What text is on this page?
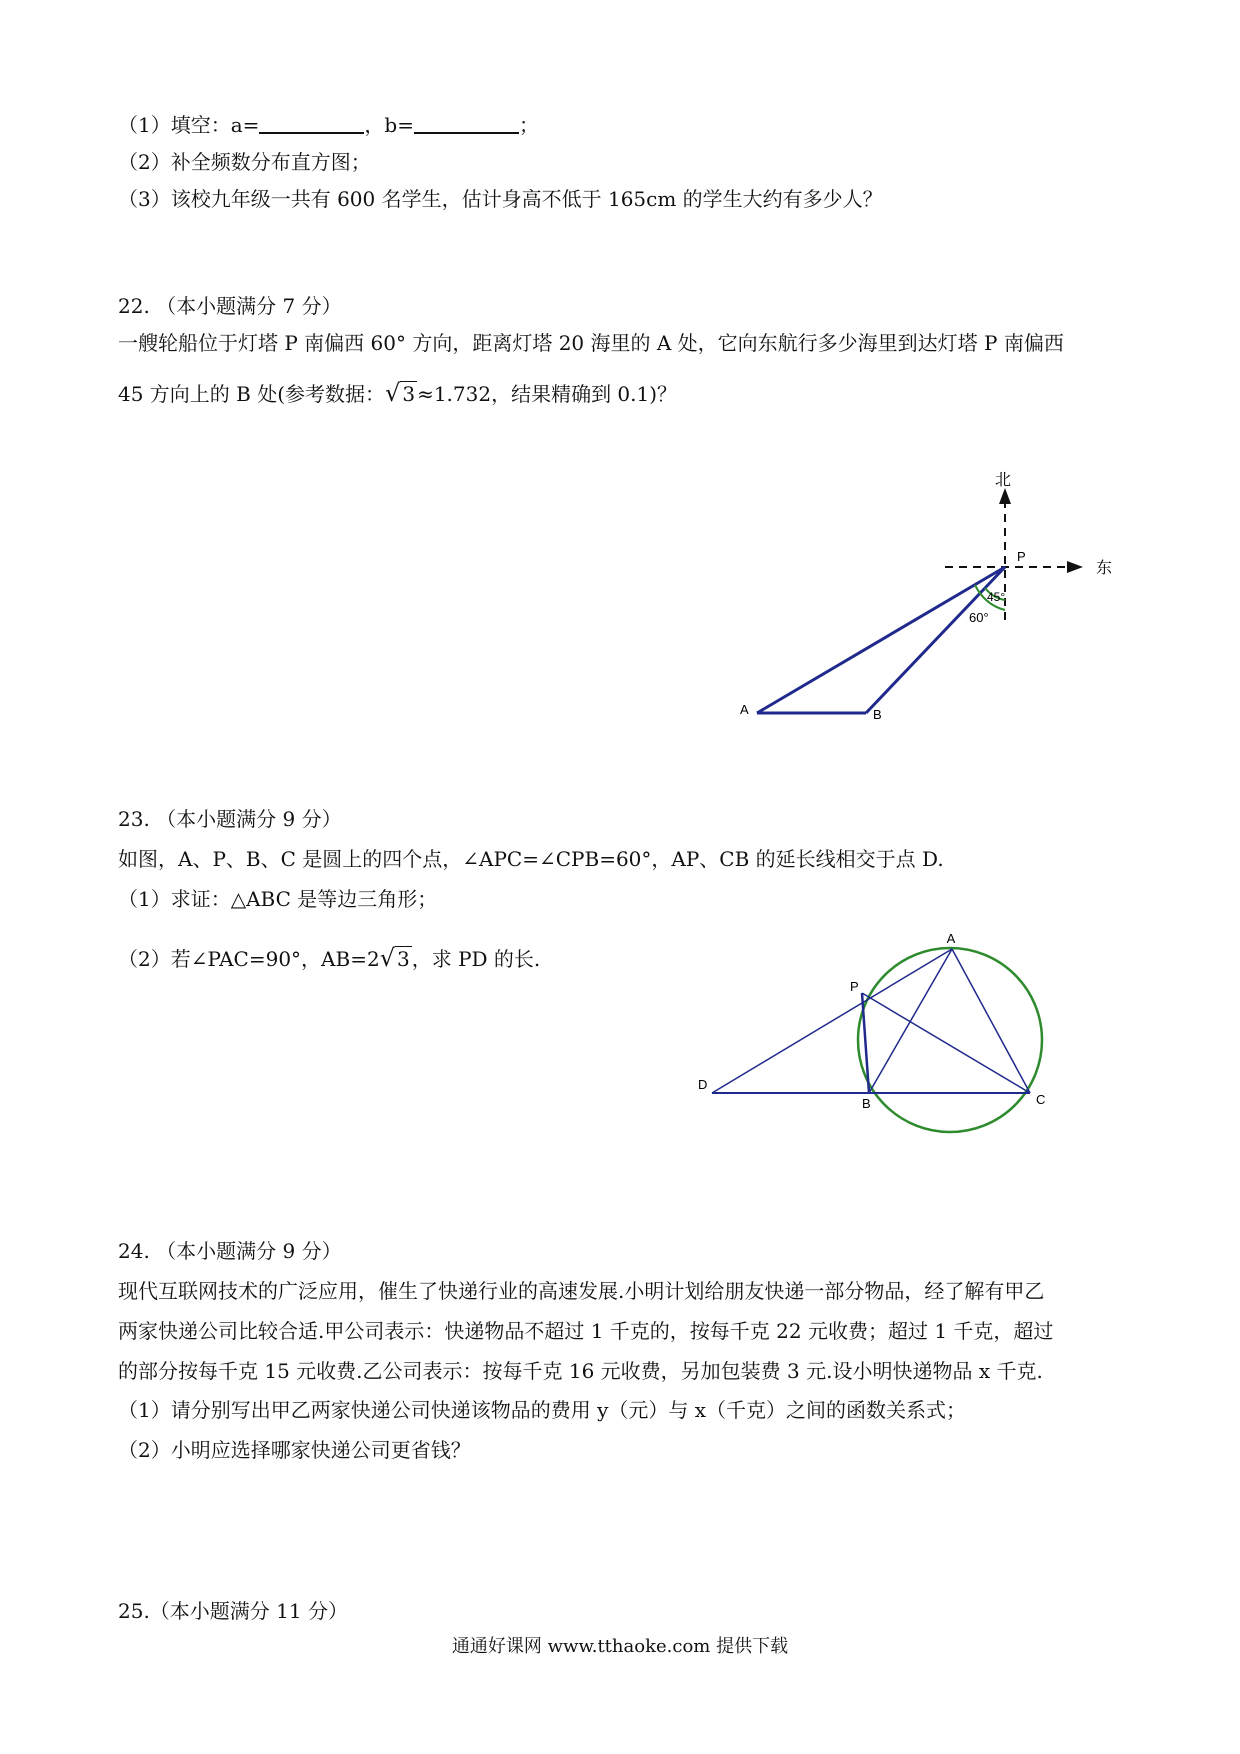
（1）填空：a=	，b=	；
（2）补全频数分布直方图；
（3）该校九年级一共有 600 名学生，估计身高不低于 165cm 的学生大约有多少人？
22. （本小题满分 7 分）
一艘轮船位于灯塔 P 南偏西 60° 方向，距离灯塔 20 海里的 A 处，它向东航行多少海里到达灯塔 P 南偏西
45 方向上的 B 处(参考数据：√ 3 ≈1.732，结果精确到 0.1)？
北
东
P
45°
60°
A	B
23. （本小题满分 9 分）
如图，A、P、B、C 是圆上的四个点，∠APC=∠CPB=60°，AP、CB 的延长线相交于点 D.
（1）求证：△ABC 是等边三角形；
（2）若∠PAC=90°，AB=2√ 3 ，求 PD 的长.
A
P
B	C
D
24. （本小题满分 9 分）
现代互联网技术的广泛应用，催生了快递行业的高速发展.小明计划给朋友快递一部分物品，经了解有甲乙
两家快递公司比较合适.甲公司表示：快递物品不超过 1 千克的，按每千克 22 元收费；超过 1 千克，超过
的部分按每千克 15 元收费.乙公司表示：按每千克 16 元收费，另加包装费 3 元.设小明快递物品 x 千克.
（1）请分别写出甲乙两家快递公司快递该物品的费用 y（元）与 x（千克）之间的函数关系式；
（2）小明应选择哪家快递公司更省钱？
25.（本小题满分 11 分）
通通好课网 www.tthaoke.com 提供下载
